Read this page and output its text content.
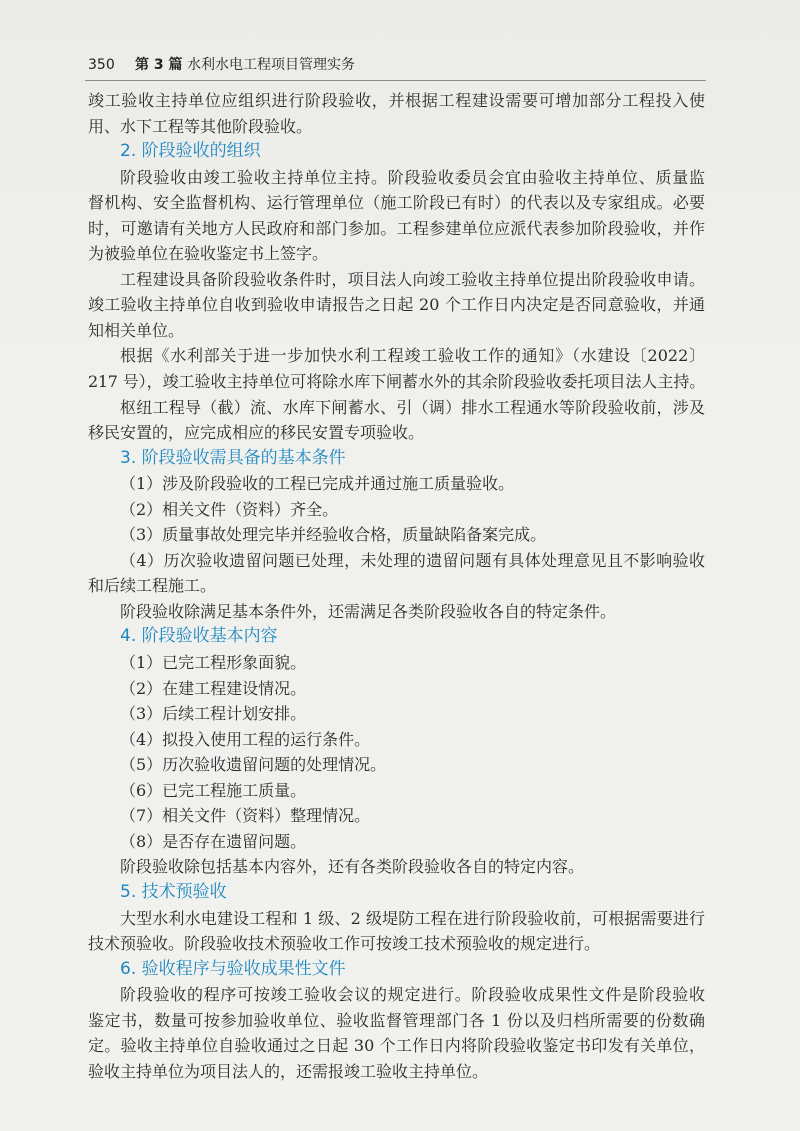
350 第 3 篇 水利水电工程项目管理实务
竣工验收主持单位应组织进行阶段验收，并根据工程建设需要可增加部分工程投入使
用、水下工程等其他阶段验收。
2. 阶段验收的组织
阶段验收由竣工验收主持单位主持。阶段验收委员会宜由验收主持单位、质量监
督机构、安全监督机构、运行管理单位（施工阶段已有时）的代表以及专家组成。必要
时，可邀请有关地方人民政府和部门参加。工程参建单位应派代表参加阶段验收，并作
为被验单位在验收鉴定书上签字。
工程建设具备阶段验收条件时，项目法人向竣工验收主持单位提出阶段验收申请。
竣工验收主持单位自收到验收申请报告之日起 20 个工作日内决定是否同意验收，并通
知相关单位。
根据《水利部关于进一步加快水利工程竣工验收工作的通知》（水建设〔2022〕
217 号），竣工验收主持单位可将除水库下闸蓄水外的其余阶段验收委托项目法人主持。
枢纽工程导（截）流、水库下闸蓄水、引（调）排水工程通水等阶段验收前，涉及
移民安置的，应完成相应的移民安置专项验收。
3. 阶段验收需具备的基本条件
（1）涉及阶段验收的工程已完成并通过施工质量验收。
（2）相关文件（资料）齐全。
（3）质量事故处理完毕并经验收合格，质量缺陷备案完成。
（4）历次验收遗留问题已处理，未处理的遗留问题有具体处理意见且不影响验收
和后续工程施工。
阶段验收除满足基本条件外，还需满足各类阶段验收各自的特定条件。
4. 阶段验收基本内容
（1）已完工程形象面貌。
（2）在建工程建设情况。
（3）后续工程计划安排。
（4）拟投入使用工程的运行条件。
（5）历次验收遗留问题的处理情况。
（6）已完工程施工质量。
（7）相关文件（资料）整理情况。
（8）是否存在遗留问题。
阶段验收除包括基本内容外，还有各类阶段验收各自的特定内容。
5. 技术预验收
大型水利水电建设工程和 1 级、2 级堤防工程在进行阶段验收前，可根据需要进行
技术预验收。阶段验收技术预验收工作可按竣工技术预验收的规定进行。
6. 验收程序与验收成果性文件
阶段验收的程序可按竣工验收会议的规定进行。阶段验收成果性文件是阶段验收
鉴定书，数量可按参加验收单位、验收监督管理部门各 1 份以及归档所需要的份数确
定。验收主持单位自验收通过之日起 30 个工作日内将阶段验收鉴定书印发有关单位，
验收主持单位为项目法人的，还需报竣工验收主持单位。
